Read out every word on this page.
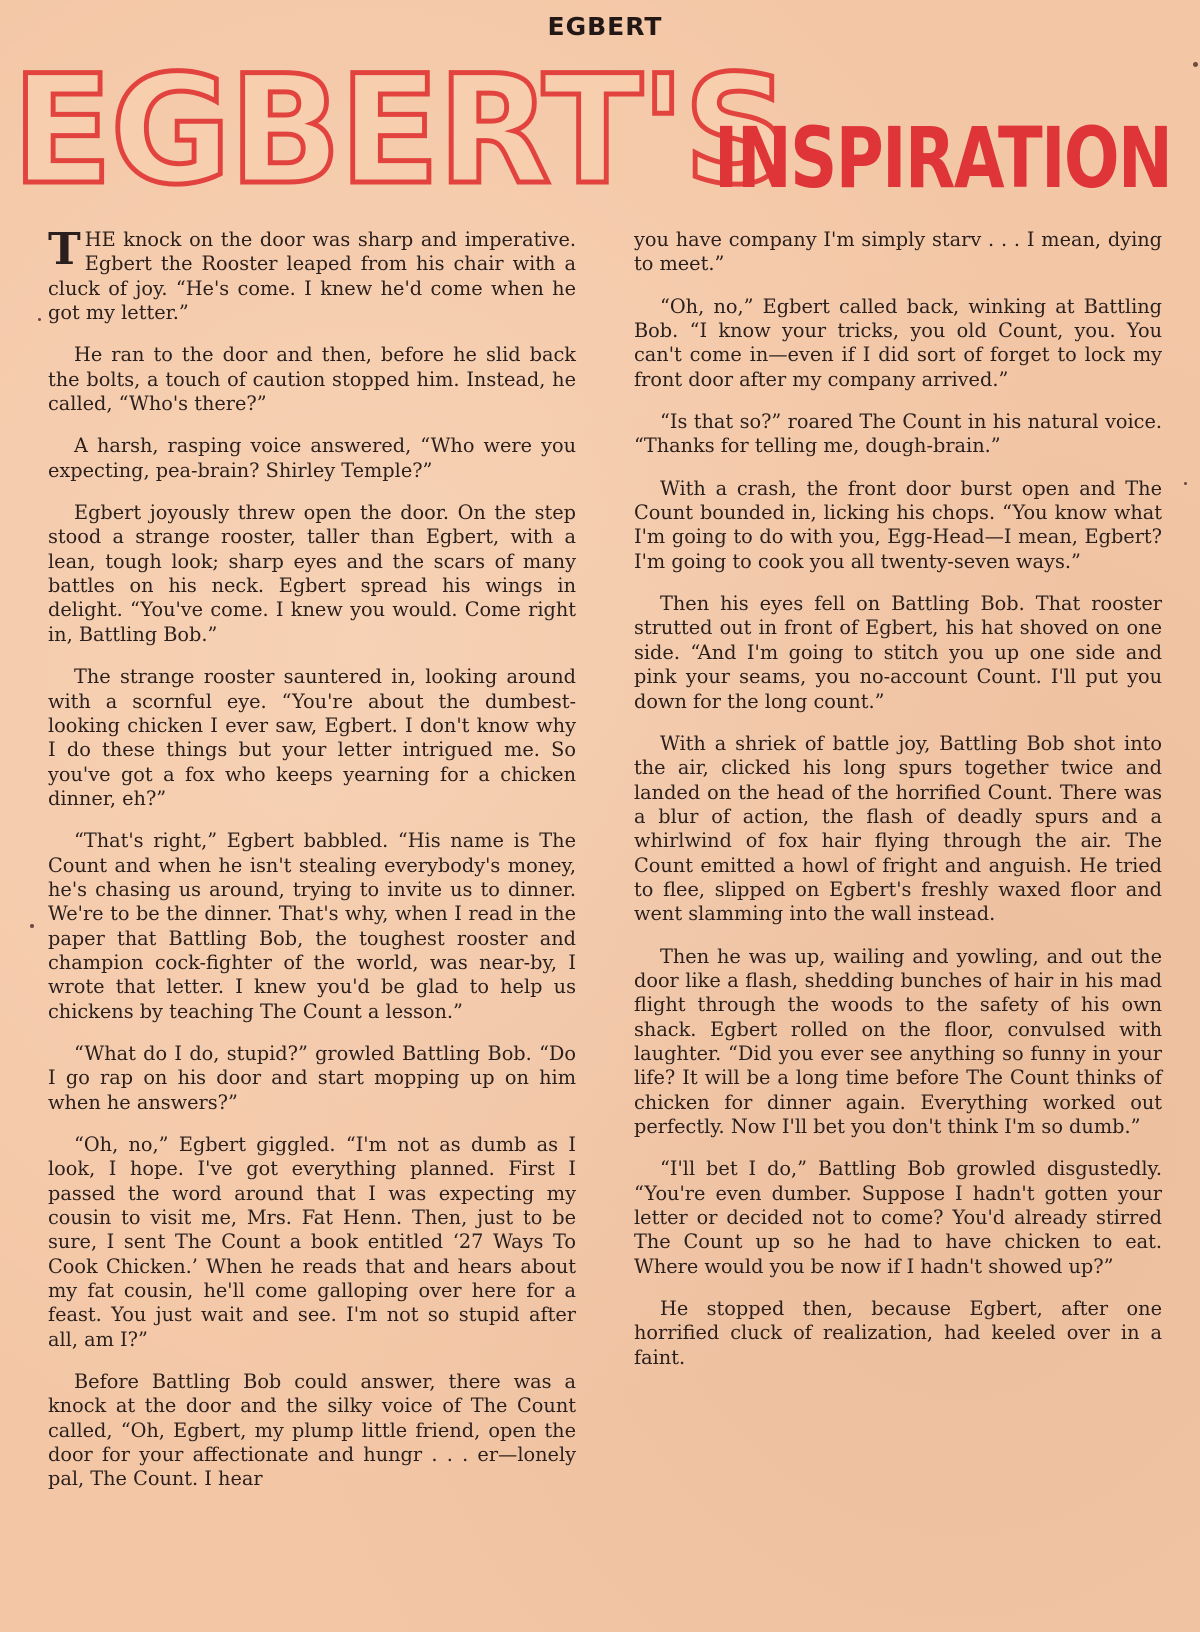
EGBERT
EGBERT'S
INSPIRATION

THE knock on the door was sharp and imperative. Egbert the Rooster leaped from his chair with a cluck of joy. “He's come. I knew he'd come when he got my letter.”

He ran to the door and then, before he slid back the bolts, a touch of caution stopped him. Instead, he called, “Who's there?”

A harsh, rasping voice answered, “Who were you expecting, pea-brain? Shirley Temple?”

Egbert joyously threw open the door. On the step stood a strange rooster, taller than Egbert, with a lean, tough look; sharp eyes and the scars of many battles on his neck. Egbert spread his wings in delight. “You've come. I knew you would. Come right in, Battling Bob.”

The strange rooster sauntered in, looking around with a scornful eye. “You're about the dumbest-looking chicken I ever saw, Egbert. I don't know why I do these things but your letter intrigued me. So you've got a fox who keeps yearning for a chicken dinner, eh?”

“That's right,” Egbert babbled. “His name is The Count and when he isn't stealing everybody's money, he's chasing us around, trying to invite us to dinner. We're to be the dinner. That's why, when I read in the paper that Battling Bob, the toughest rooster and champion cock-fighter of the world, was near-by, I wrote that letter. I knew you'd be glad to help us chickens by teaching The Count a lesson.”

“What do I do, stupid?” growled Battling Bob. “Do I go rap on his door and start mopping up on him when he answers?”

“Oh, no,” Egbert giggled. “I'm not as dumb as I look, I hope. I've got everything planned. First I passed the word around that I was expecting my cousin to visit me, Mrs. Fat Henn. Then, just to be sure, I sent The Count a book entitled ‘27 Ways To Cook Chicken.’ When he reads that and hears about my fat cousin, he'll come galloping over here for a feast. You just wait and see. I'm not so stupid after all, am I?”

Before Battling Bob could answer, there was a knock at the door and the silky voice of The Count called, “Oh, Egbert, my plump little friend, open the door for your affectionate and hungr . . . er—lonely pal, The Count. I hear

you have company I'm simply starv . . . I mean, dying to meet.”

“Oh, no,” Egbert called back, winking at Battling Bob. “I know your tricks, you old Count, you. You can't come in—even if I did sort of forget to lock my front door after my company arrived.”

“Is that so?” roared The Count in his natural voice. “Thanks for telling me, dough-brain.”

With a crash, the front door burst open and The Count bounded in, licking his chops. “You know what I'm going to do with you, Egg-Head—I mean, Egbert? I'm going to cook you all twenty-seven ways.”

Then his eyes fell on Battling Bob. That rooster strutted out in front of Egbert, his hat shoved on one side. “And I'm going to stitch you up one side and pink your seams, you no-account Count. I'll put you down for the long count.”

With a shriek of battle joy, Battling Bob shot into the air, clicked his long spurs together twice and landed on the head of the horrified Count. There was a blur of action, the flash of deadly spurs and a whirlwind of fox hair flying through the air. The Count emitted a howl of fright and anguish. He tried to flee, slipped on Egbert's freshly waxed floor and went slamming into the wall instead.

Then he was up, wailing and yowling, and out the door like a flash, shedding bunches of hair in his mad flight through the woods to the safety of his own shack. Egbert rolled on the floor, convulsed with laughter. “Did you ever see anything so funny in your life? It will be a long time before The Count thinks of chicken for dinner again. Everything worked out perfectly. Now I'll bet you don't think I'm so dumb.”

“I'll bet I do,” Battling Bob growled disgustedly. “You're even dumber. Suppose I hadn't gotten your letter or decided not to come? You'd already stirred The Count up so he had to have chicken to eat. Where would you be now if I hadn't showed up?”

He stopped then, because Egbert, after one horrified cluck of realization, had keeled over in a faint.
